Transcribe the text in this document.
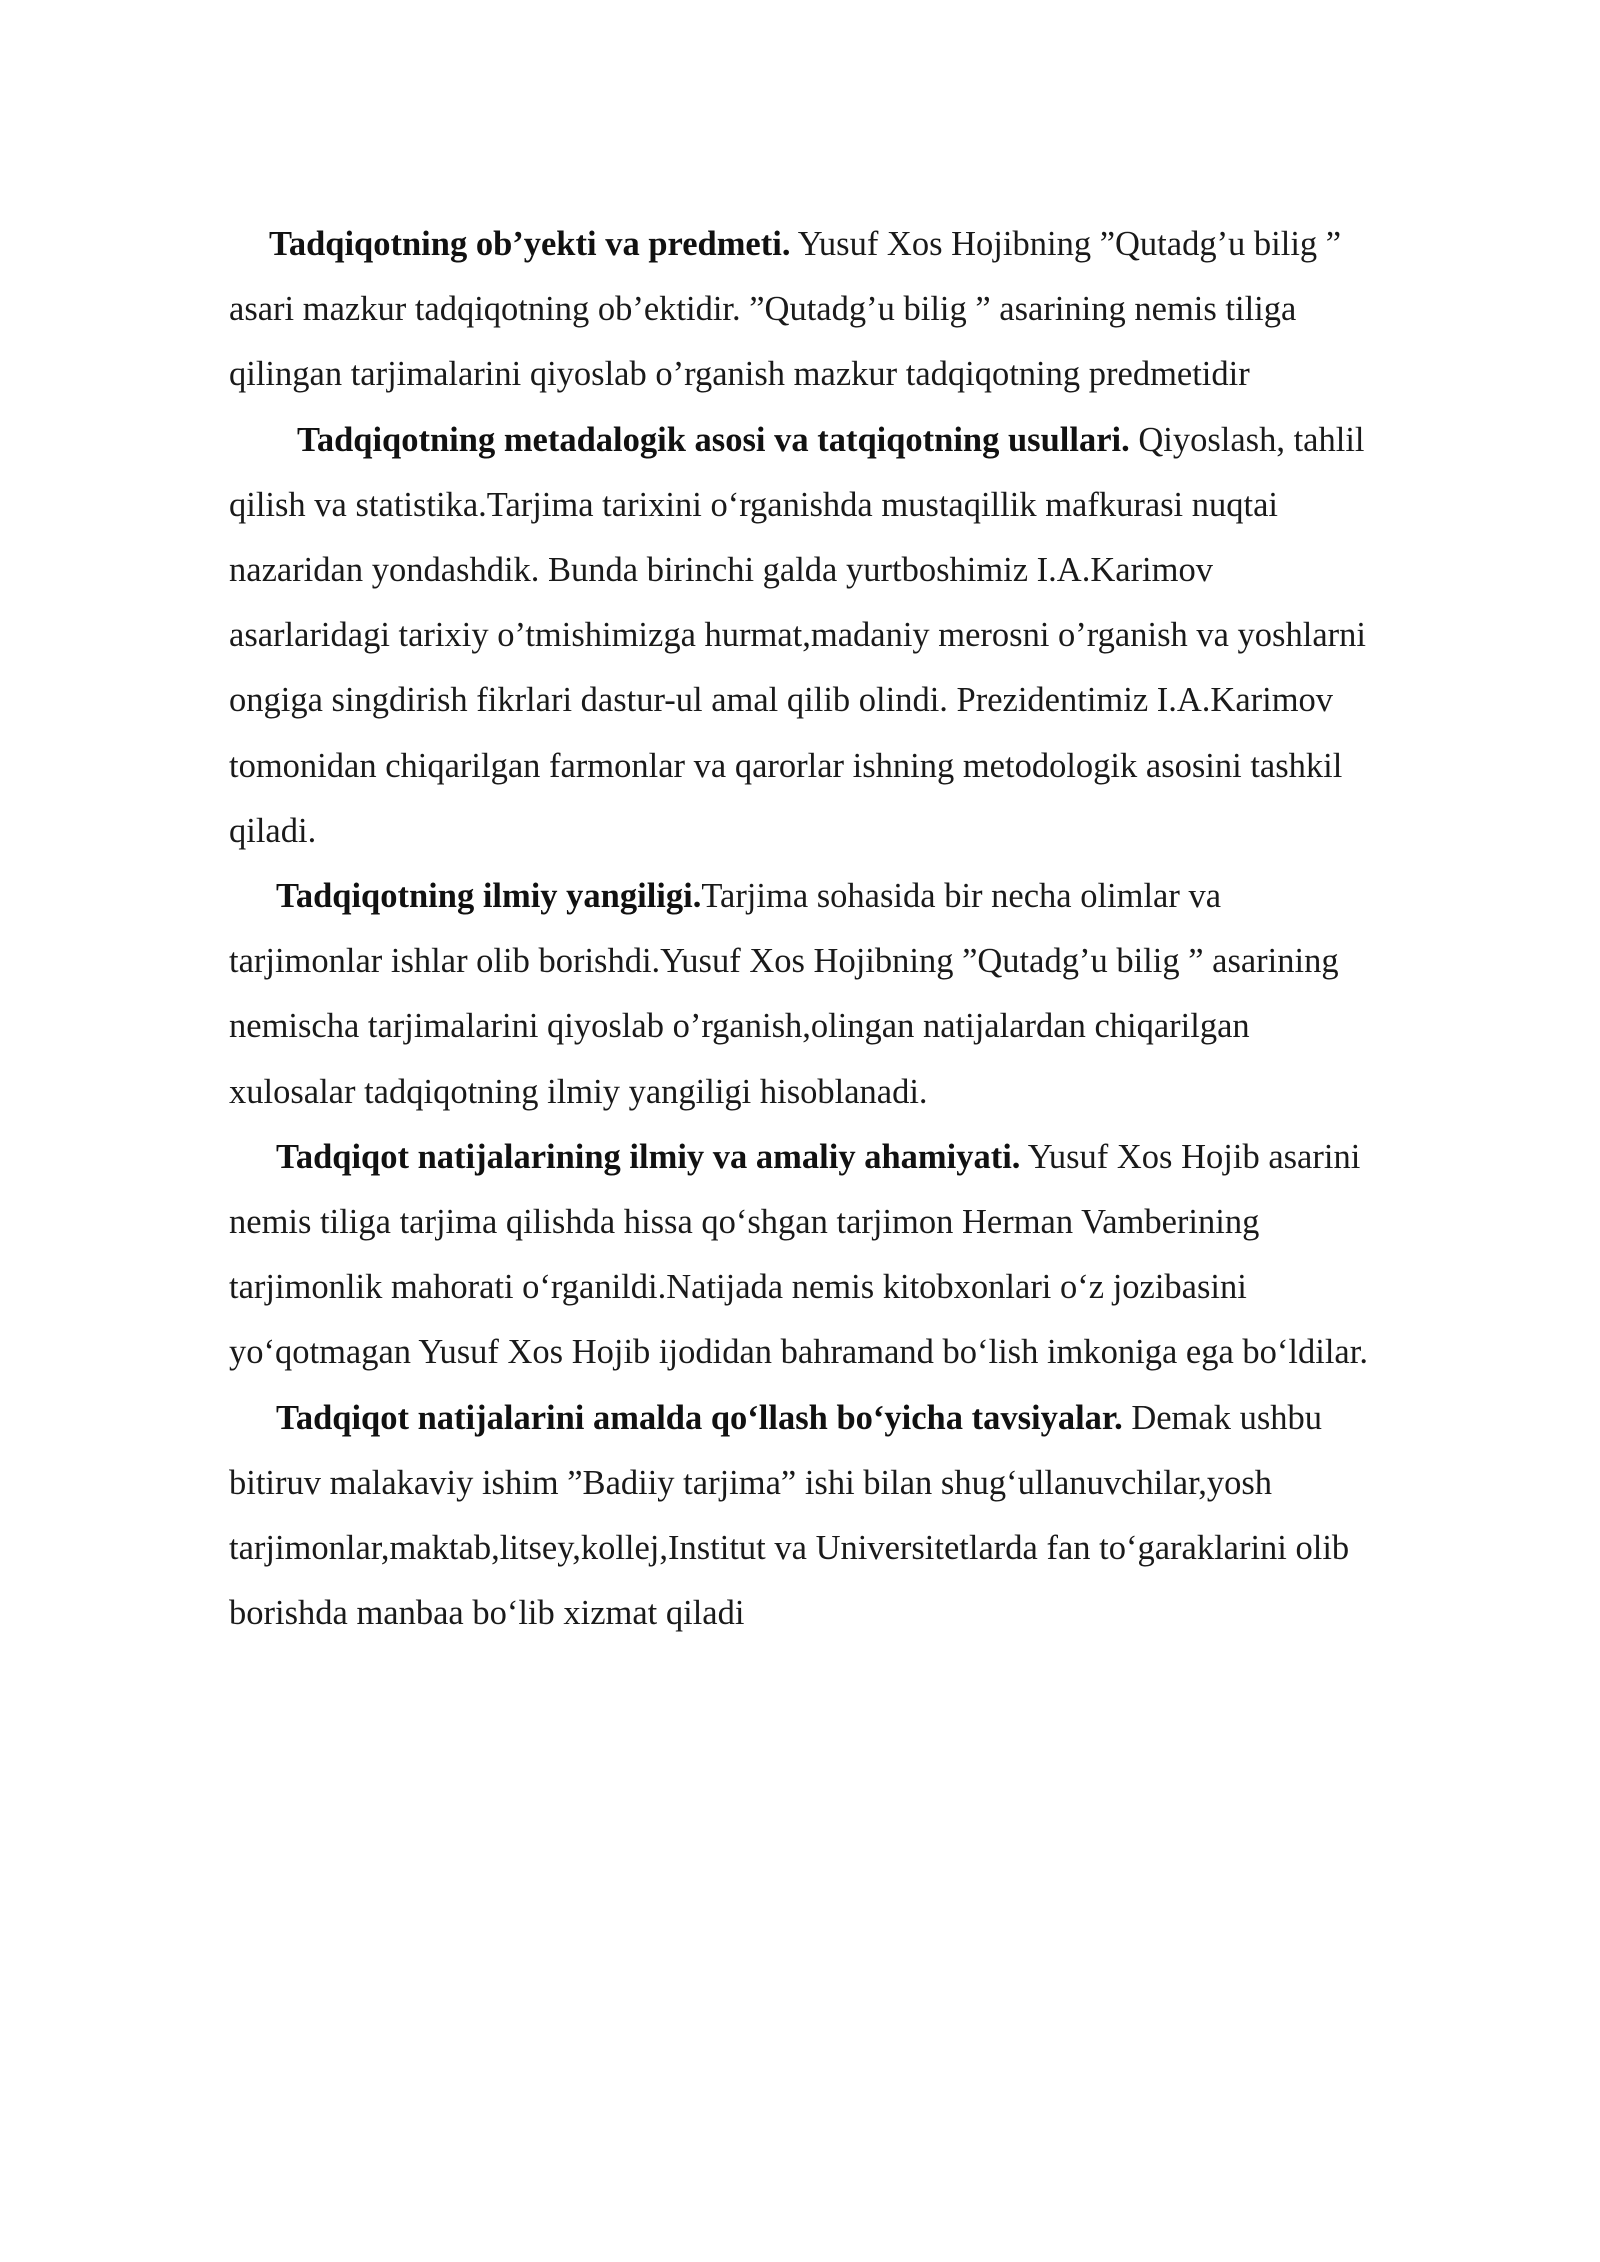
Tadqiqotning ob’yekti va predmeti. Yusuf Xos Hojibning ”Qutadg’u bilig ”
asari mazkur tadqiqotning ob’ektidir. ”Qutadg’u bilig ” asarining nemis tiliga
qilingan tarjimalarini qiyoslab o’rganish mazkur tadqiqotning predmetidir
Tadqiqotning metadalogik asosi va tatqiqotning usullari. Qiyoslash, tahlil
qilish va statistika.Tarjima tarixini o‘rganishda mustaqillik mafkurasi nuqtai
nazaridan yondashdik. Bunda birinchi galda yurtboshimiz I.A.Karimov
asarlaridagi tarixiy o’tmishimizga hurmat,madaniy merosni o’rganish va yoshlarni
ongiga singdirish fikrlari dastur-ul amal qilib olindi. Prezidentimiz I.A.Karimov
tomonidan chiqarilgan farmonlar va qarorlar ishning metodologik asosini tashkil
qiladi.
Tadqiqotning ilmiy yangiligi.Tarjima sohasida bir necha olimlar va
tarjimonlar ishlar olib borishdi.Yusuf Xos Hojibning ”Qutadg’u bilig ” asarining
nemischa tarjimalarini qiyoslab o’rganish,olingan natijalardan chiqarilgan
xulosalar tadqiqotning ilmiy yangiligi hisoblanadi.
Tadqiqot natijalarining ilmiy va amaliy ahamiyati. Yusuf Xos Hojib asarini
nemis tiliga tarjima qilishda hissa qo‘shgan tarjimon Herman Vamberining
tarjimonlik mahorati o‘rganildi.Natijada nemis kitobxonlari o‘z jozibasini
yo‘qotmagan Yusuf Xos Hojib ijodidan bahramand bo‘lish imkoniga ega bo‘ldilar.
Tadqiqot natijalarini amalda qo‘llash bo‘yicha tavsiyalar. Demak ushbu
bitiruv malakaviy ishim ”Badiiy tarjima” ishi bilan shug‘ullanuvchilar,yosh
tarjimonlar,maktab,litsey,kollej,Institut va Universitetlarda fan to‘garaklarini olib
borishda manbaa bo‘lib xizmat qiladi
